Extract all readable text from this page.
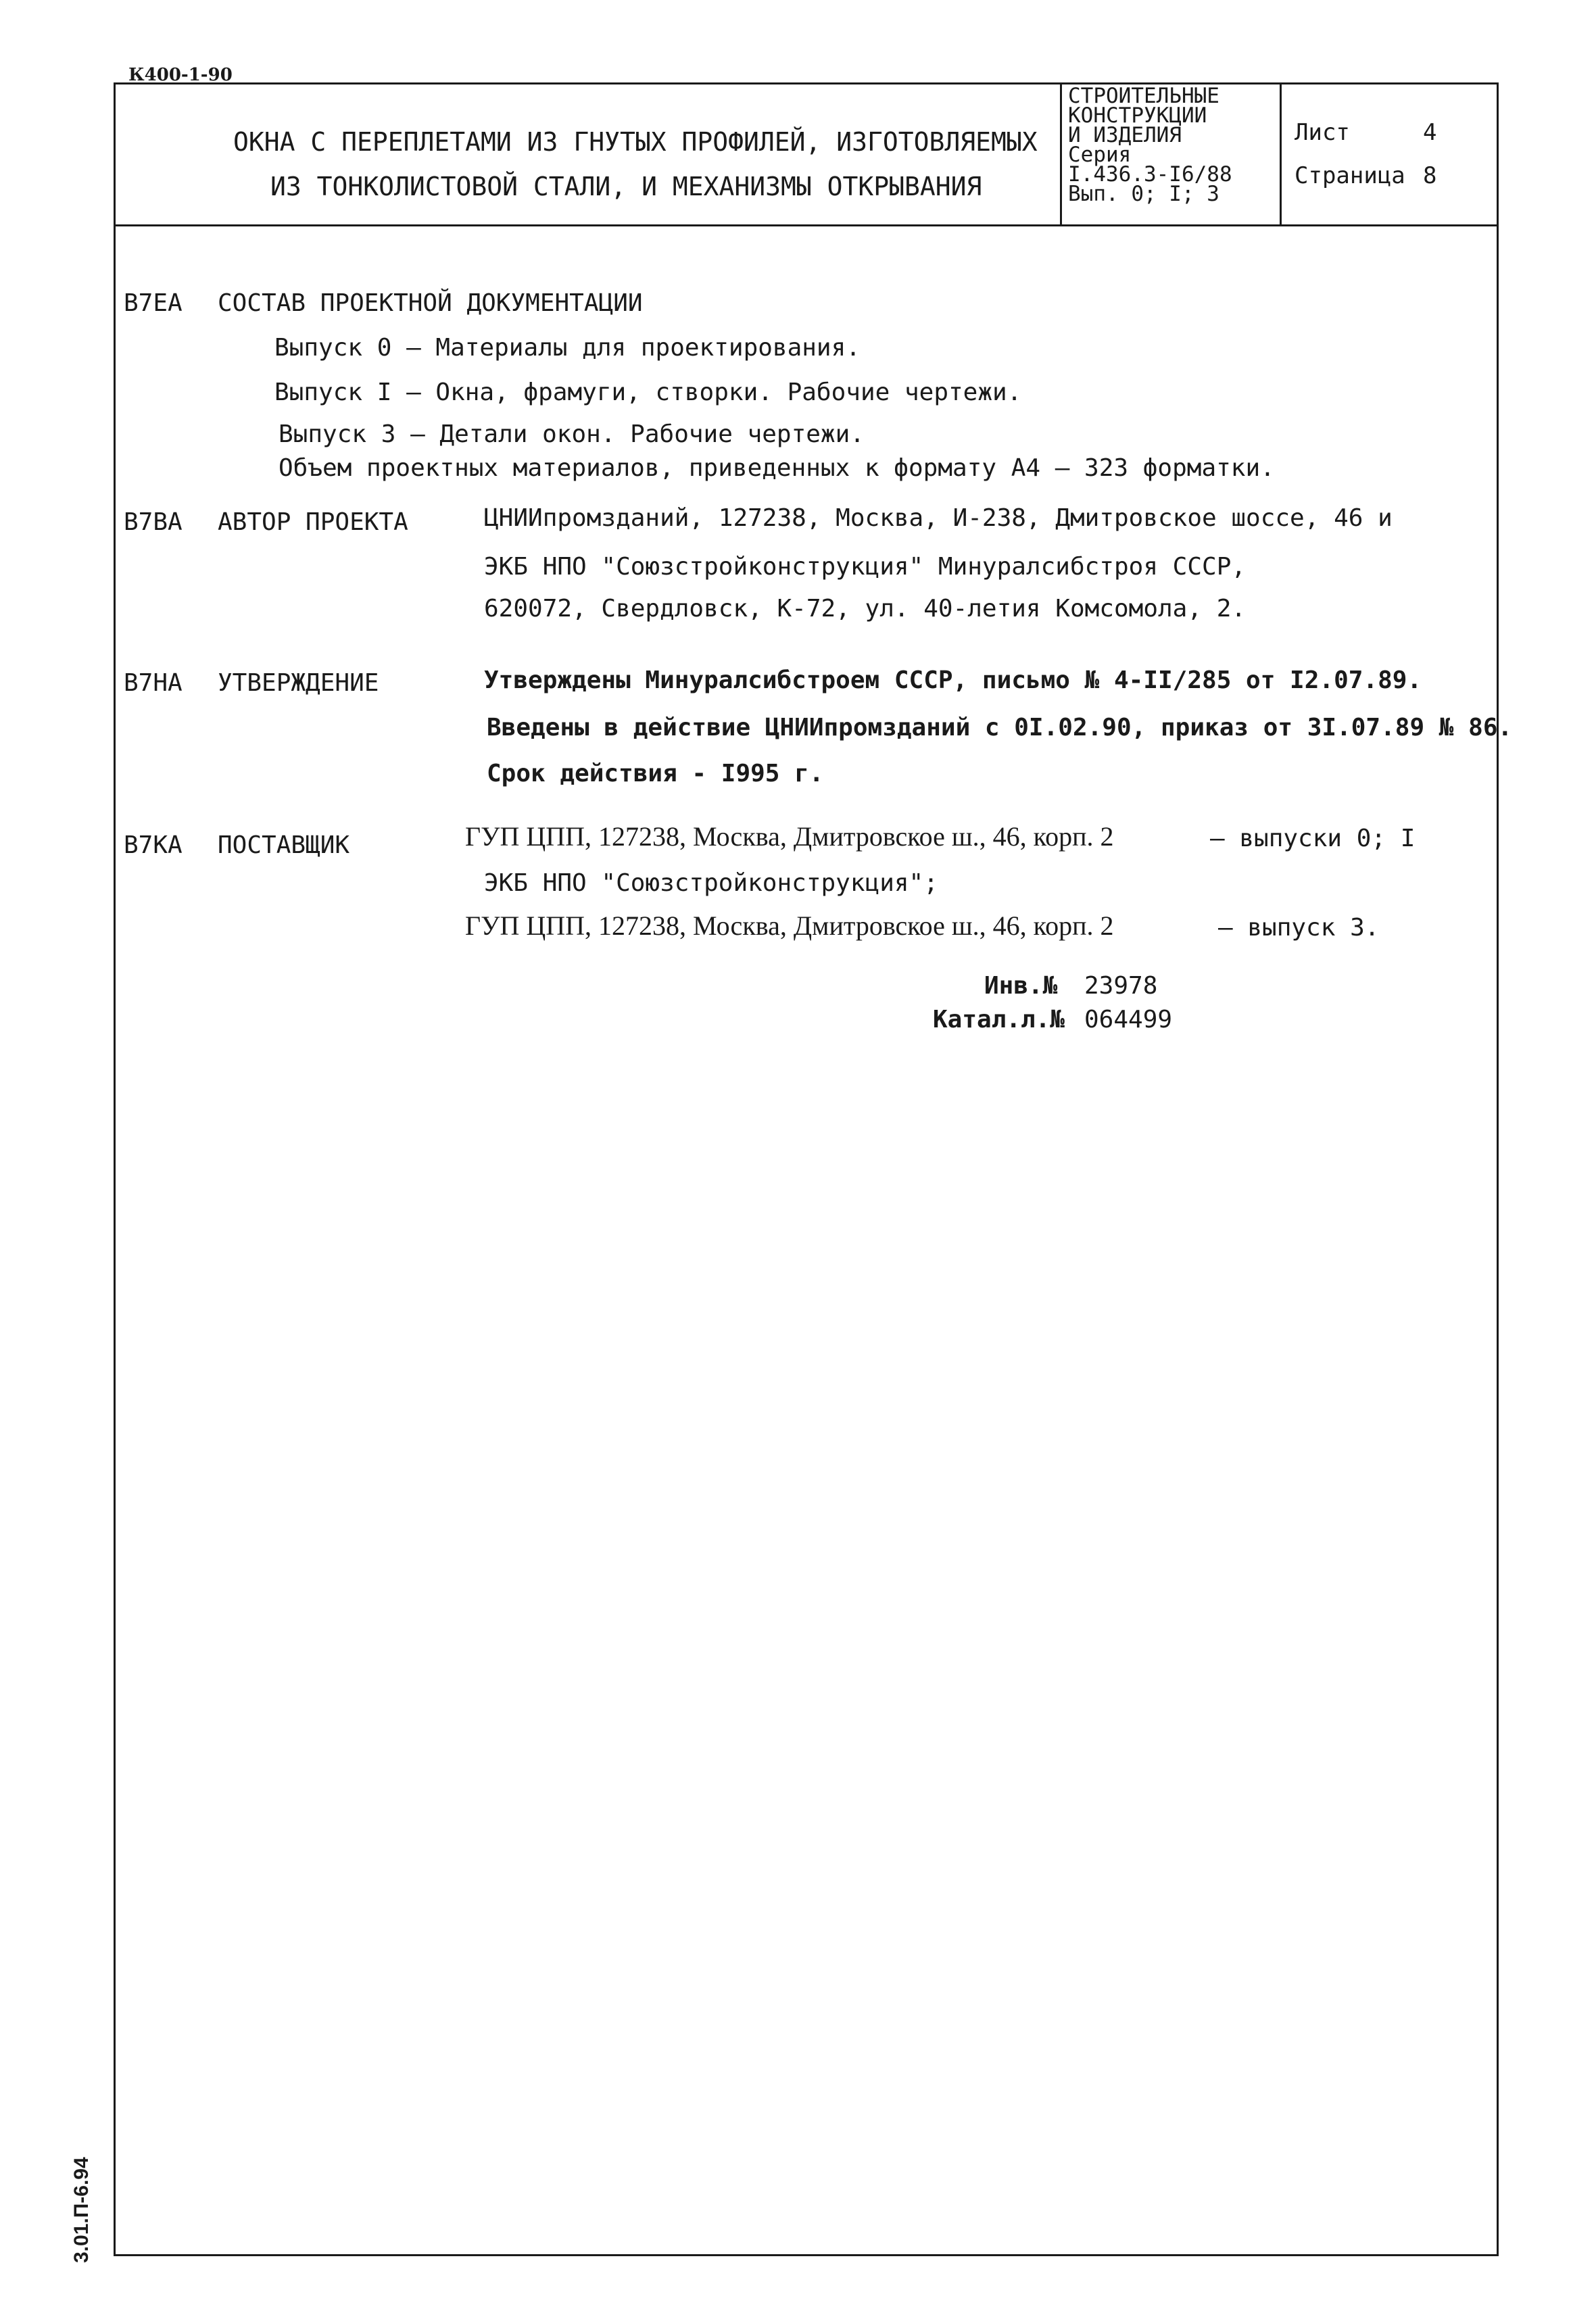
К400-1-90
ОКНА С ПЕРЕПЛЕТАМИ ИЗ ГНУТЫХ ПРОФИЛЕЙ, ИЗГОТОВЛЯЕМЫХ
ИЗ ТОНКОЛИСТОВОЙ СТАЛИ, И МЕХАНИЗМЫ ОТКРЫВАНИЯ
СТРОИТЕЛЬНЫЕ
КОНСТРУКЦИИ
И ИЗДЕЛИЯ
Серия
I.436.3-I6/88
Вып. 0; I; 3
Лист	4
Страница 8
В7ЕА СОСТАВ ПРОЕКТНОЙ ДОКУМЕНТАЦИИ
Выпуск 0 – Материалы для проектирования.
Выпуск I – Окна, фрамуги, створки. Рабочие чертежи.
Выпуск 3 – Детали окон. Рабочие чертежи.
Объем проектных материалов, приведенных к формату А4 – 323 форматки.
В7ВА АВТОР ПРОЕКТА	ЦНИИпромзданий, 127238, Москва, И-238, Дмитровское шоссе, 46 и
ЭКБ НПО "Союзстройконструкция" Минуралсибстроя СССР,
620072, Свердловск, К-72, ул. 40-летия Комсомола, 2.
В7НА УТВЕРЖДЕНИЕ	Утверждены Минуралсибстроем СССР, письмо № 4-II/285 от I2.07.89.
Введены в действие ЦНИИпромзданий с 0I.02.90, приказ от 3I.07.89 № 86.
Срок действия - I995 г.
В7КА ПОСТАВЩИК	ГУП ЦПП, 127238, Москва, Дмитровское ш., 46, корп. 2	– выпуски 0; I
ЭКБ НПО "Союзстройконструкция";
ГУП ЦПП, 127238, Москва, Дмитровское ш., 46, корп. 2	– выпуск 3.
Инв.№ 23978
Катал.л.№ 064499
3.01.П-6.94
